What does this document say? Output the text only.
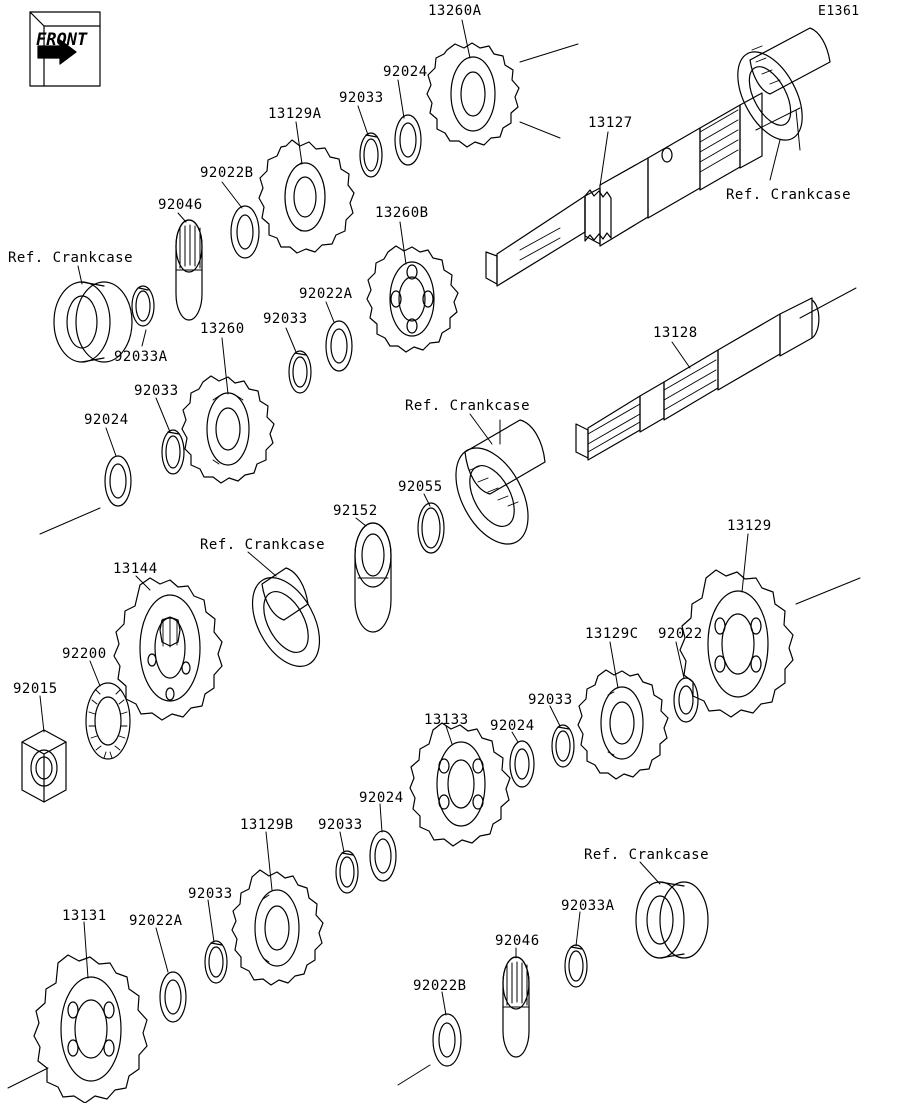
FRONT
E1361
13260A
92024
92033
13129A
13127
Ref. Crankcase
92022B
92046	13260B
Ref. Crankcase
92022A
13260
92033
13128
92033A
92033
Ref. Crankcase
92024
92055
92152
13129
Ref. Crankcase
13144
13129C 92022
92200
92015
92033
13133 92024
92024
13129B 92033
Ref. Crankcase
92033
13131 92022A
92033A
92046
92022B
